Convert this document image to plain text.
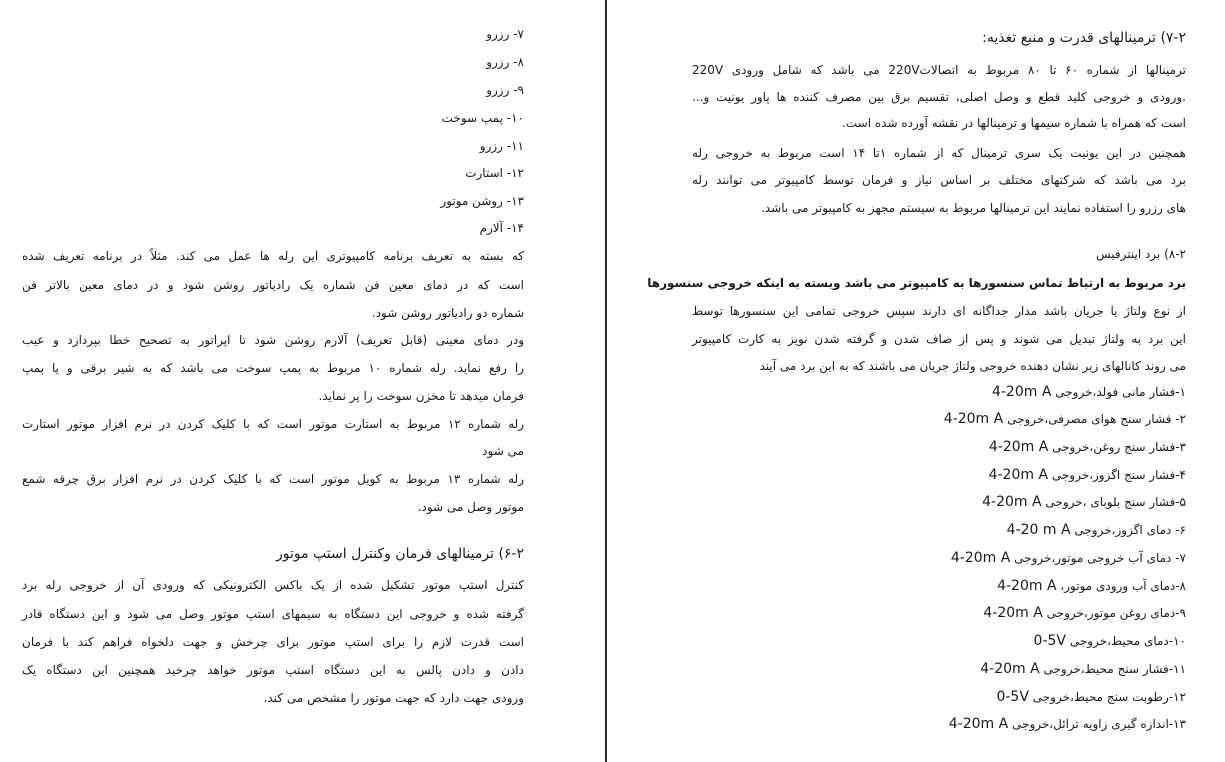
۷- رزرو
۸- رزرو
۹- رزرو
۱۰- پمپ سوخت
۱۱- رزرو
۱۲- استارت
۱۳- روشن موتور
۱۴- آلارم
که بسته به تعریف برنامه کامپیوتری این رله ها عمل می کند. مثلاً در برنامه تعریف شده
است که در دمای معین فن شماره یک رادیاتور روشن شود و در دمای معین بالاتر فن
شماره دو رادیاتور روشن شود.
ودر دمای معینی (قابل تعریف) آلارم روشن شود تا اپراتور به تصحیح خطا بپردازد و عیب
را رفع نماید. رله شماره ۱۰ مربوط به پمپ سوخت می باشد که به شیر برقی و یا پمپ
فرمان میدهد تا مخزن سوخت را پر نماید.
رله شماره ۱۲ مربوط به استارت موتور است که با کلیک کردن در نرم افزار موتور استارت
می شود
رله شماره ۱۳ مربوط به کویل موتور است که با کلیک کردن در نرم افزار برق چرقه شمع
موتور وصل می شود.
۶-۲) ترمینالهای فرمان وکنترل استپ موتور
کنترل استپ موتور تشکیل شده از یک باکس الکترونیکی که ورودی آن از خروجی رله برد
گرفته شده و خروجی این دستگاه به سیمهای استپ موتور وصل می شود و این دستگاه قادر
است قدرت لازم را برای استپ موتور برای چرخش و جهت دلخواه فراهم کند با فرمان
دادن و دادن پالس به این دستگاه استپ موتور خواهد چرخید همچنین این دستگاه یک
ورودی جهت دارد که جهت موتور را مشخص می کند.
۷-۲) ترمینالهای قدرت و منبع تغذیه:
ترمینالها از شماره ۶۰ تا ۸۰ مربوط به اتصالات220V می باشد که شامل ورودی 220V
.ورودی و خروجی کلید قطع و وصل اصلی، تقسیم برق بین مصرف کننده ها پاور یونیت و...
است که همراه با شماره سیمها و ترمینالها در نقشه آورده شده است.
همچنین در این یونیت یک سری ترمینال که از شماره ۱تا ۱۴ است مربوط به خروجی رله
برد می باشد که شرکتهای مختلف بر اساس نیاز و فرمان توسط کامپیوتر می توانند رله
های رزرو را استفاده نمایند این ترمینالها مربوط به سیستم مجهز به کامپیوتر می باشد.
۸-۲) برد اینترفیس
برد مربوط به ارتباط تماس سنسورها به کامپیوتر می باشد وبسته به اینکه خروجی سنسورها
از نوع ولتاژ یا جریان باشد مدار جداگانه ای دارند سپس خروجی تمامی این سنسورها توسط
این برد به ولتاژ تبدیل می شوند و پس از صاف شدن و گرفته شدن نویز به کارت کامپیوتر
می روند کانالهای زیر نشان دهنده خروجی ولتاژ جریان می باشند که به این برد می آیند
۱-فشار مانی فولد،خروجی 4-20m A
۲- فشار سنج هوای مصرفی،خروجی 4-20m A
۳-فشار سنج روغن،خروجی 4-20m A
۴-فشار سنج اگزوز،خروجی 4-20m A
۵-فشار سنج بلوبای ،خروجی 4-20m A
۶- دمای اگزوز،خروجی 4-20 m A
۷- دمای آب خروجی موتور،خروجی 4-20m A
۸-دمای آب ورودی موتور، 4-20m A
۹-دمای روغن موتور،خروجی 4-20m A
۱۰-دمای محیط،خروجی 0-5V
۱۱-فشار سنج محیط،خروجی 4-20m A
۱۲-رطوبت سنج محیط،خروجی 0-5V
۱۳-اندازه گیری زاویه ترائل،خروجی 4-20m A
